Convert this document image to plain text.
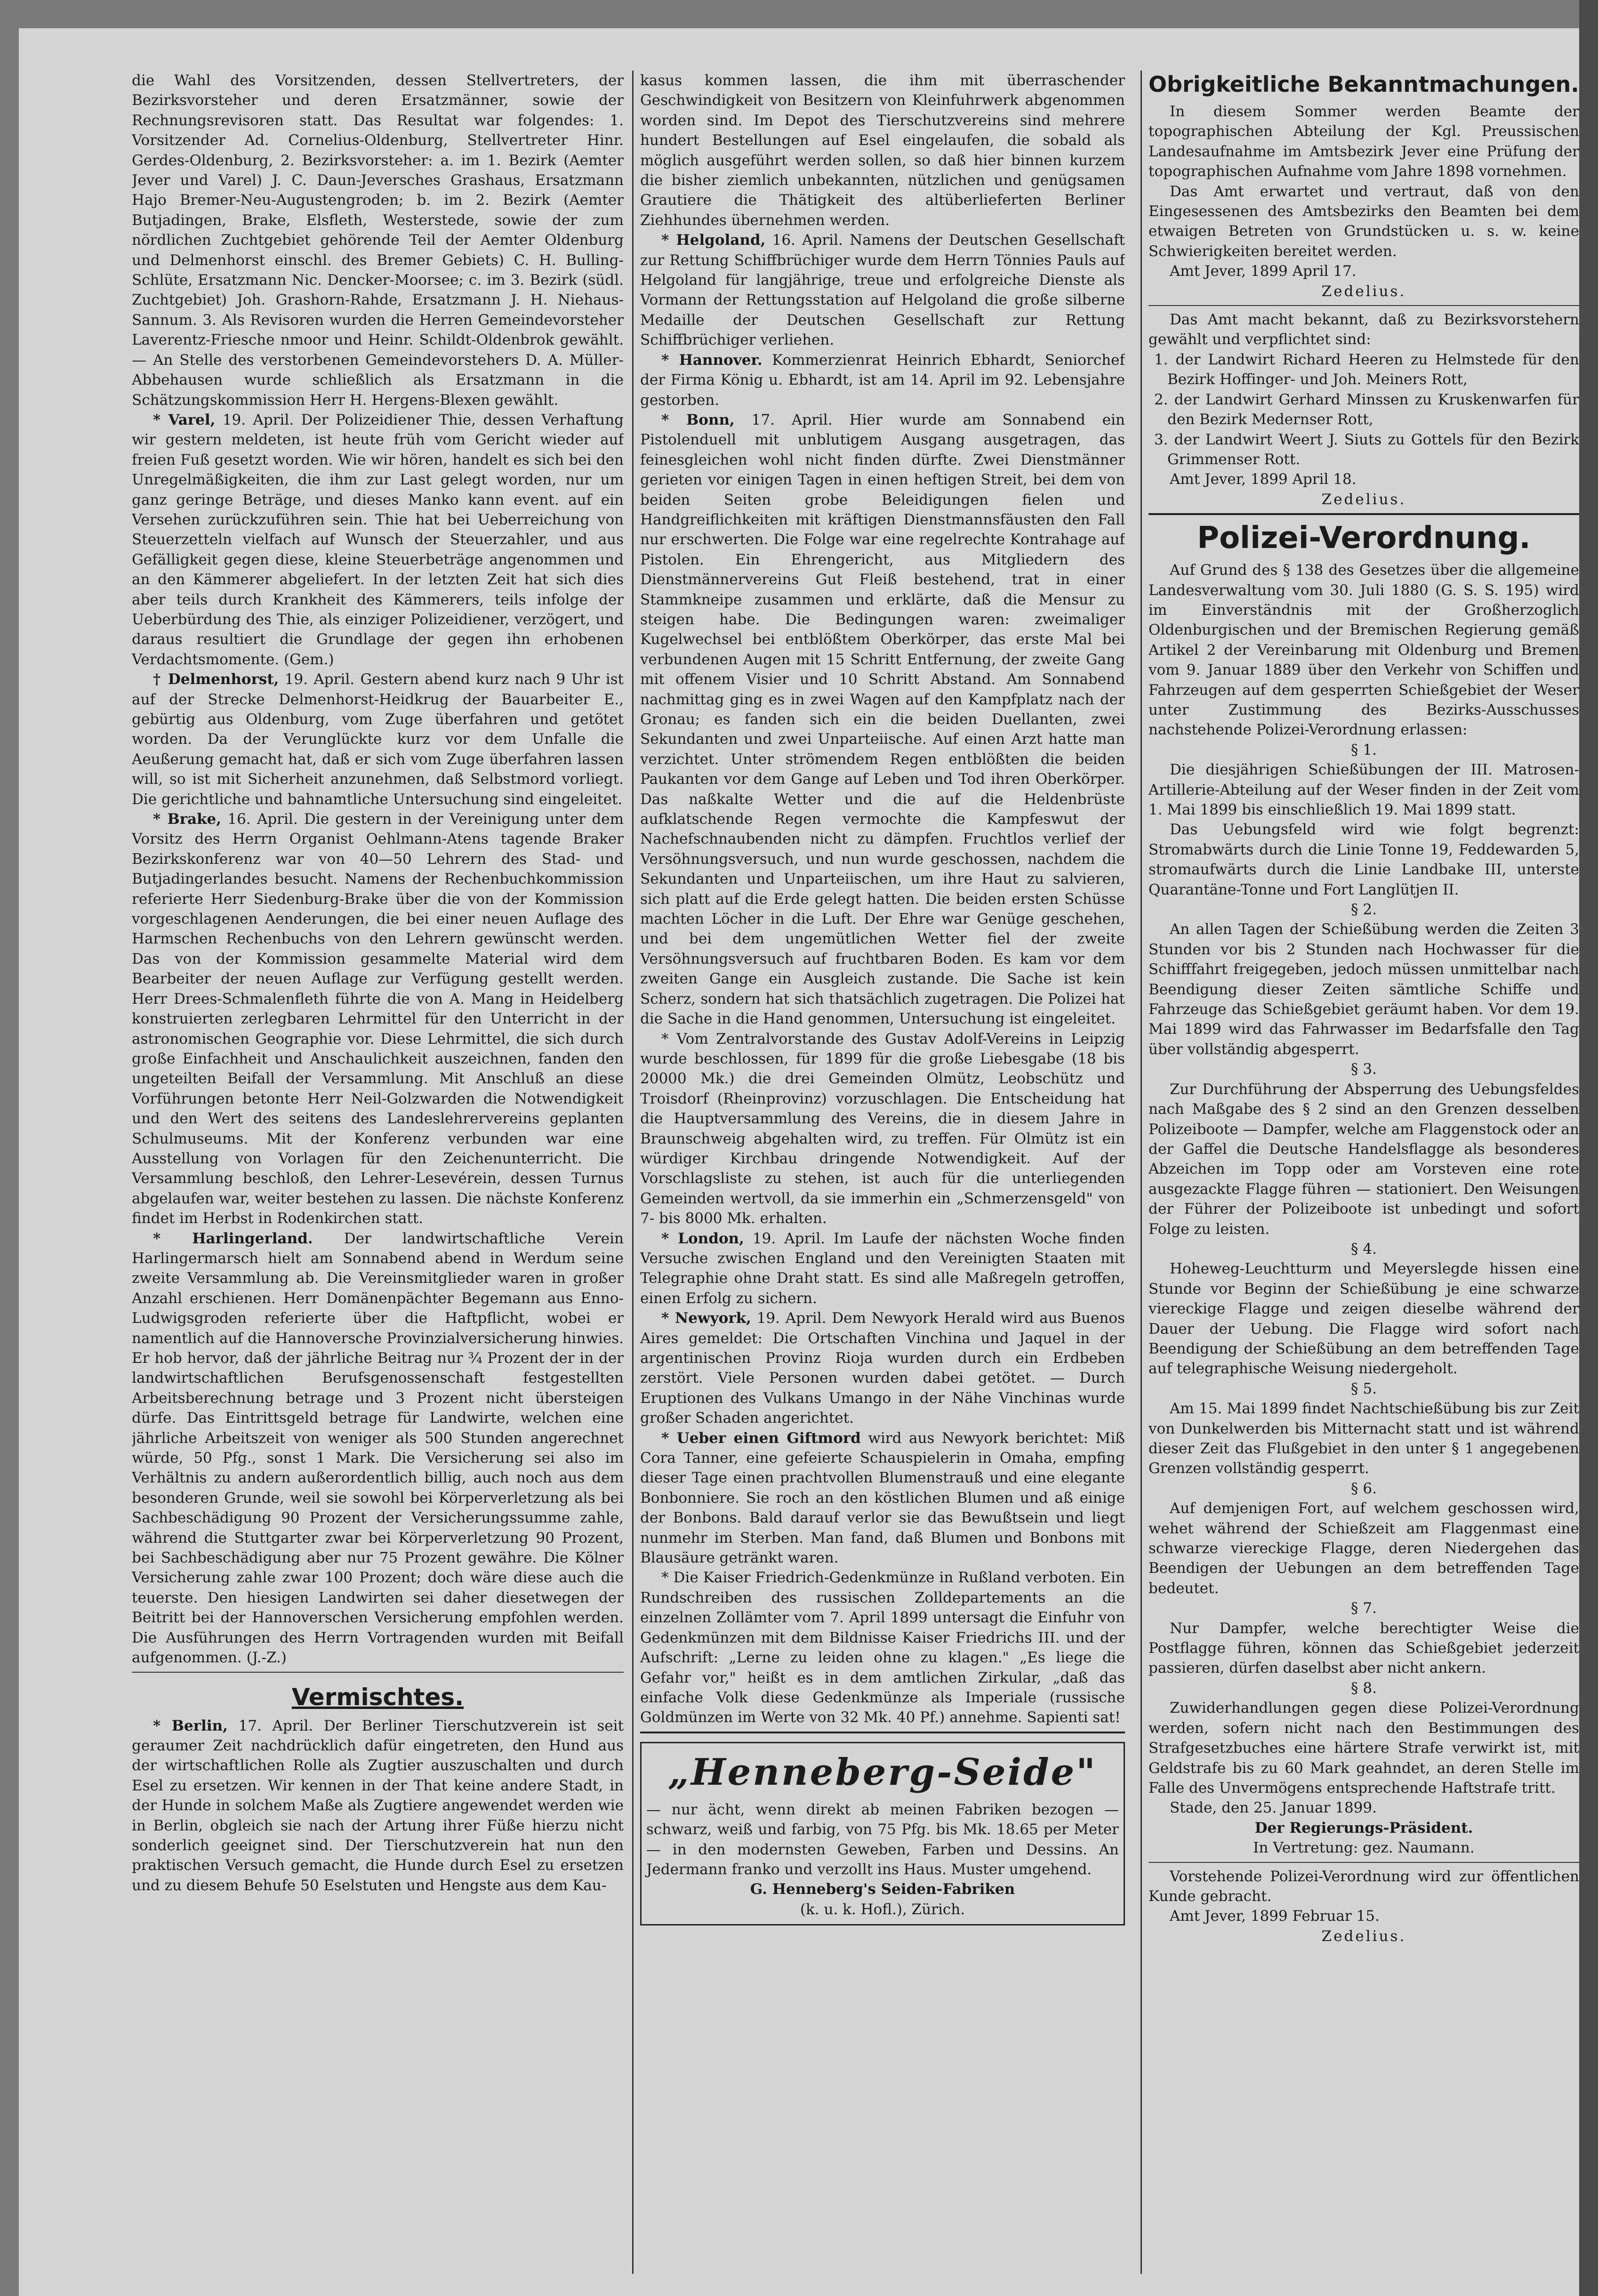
die Wahl des Vorsitzenden, dessen Stellvertreters, der Bezirksvorsteher und deren Ersatzmänner, sowie der Rechnungsrevisoren statt. Das Resultat war folgendes: 1. Vorsitzender Ad. Cornelius-Oldenburg, Stellvertreter Hinr. Gerdes-Oldenburg, 2. Bezirksvorsteher: a. im 1. Bezirk (Aemter Jever und Varel) J. C. Daun-Jeversches Grashaus, Ersatzmann Hajo Bremer-Neu-Augustengroden; b. im 2. Bezirk (Aemter Butjadingen, Brake, Elsfleth, Westerstede, sowie der zum nördlichen Zuchtgebiet gehörende Teil der Aemter Oldenburg und Delmenhorst einschl. des Bremer Gebiets) C. H. Bulling-Schlüte, Ersatzmann Nic. Dencker-Moorsee; c. im 3. Bezirk (südl. Zuchtgebiet) Joh. Grashorn-Rahde, Ersatzmann J. H. Niehaus-Sannum. 3. Als Revisoren wurden die Herren Gemeindevorsteher Laverentz-Friesche nmoor und Heinr. Schildt-Oldenbrok gewählt. — An Stelle des verstorbenen Gemeindevorstehers D. A. Müller-Abbehausen wurde schließlich als Ersatzmann in die Schätzungskommission Herr H. Hergens-Blexen gewählt.

* Varel, 19. April. Der Polizeidiener Thie, dessen Verhaftung wir gestern meldeten, ist heute früh vom Gericht wieder auf freien Fuß gesetzt worden. Wie wir hören, handelt es sich bei den Unregelmäßigkeiten, die ihm zur Last gelegt worden, nur um ganz geringe Beträge, und dieses Manko kann event. auf ein Versehen zurückzuführen sein. Thie hat bei Ueberreichung von Steuerzetteln vielfach auf Wunsch der Steuerzahler, und aus Gefälligkeit gegen diese, kleine Steuerbeträge angenommen und an den Kämmerer abgeliefert. In der letzten Zeit hat sich dies aber teils durch Krankheit des Kämmerers, teils infolge der Ueberbürdung des Thie, als einziger Polizeidiener, verzögert, und daraus resultiert die Grundlage der gegen ihn erhobenen Verdachtsmomente. (Gem.)

† Delmenhorst, 19. April. Gestern abend kurz nach 9 Uhr ist auf der Strecke Delmenhorst-Heidkrug der Bauarbeiter E., gebürtig aus Oldenburg, vom Zuge überfahren und getötet worden. Da der Verunglückte kurz vor dem Unfalle die Aeußerung gemacht hat, daß er sich vom Zuge überfahren lassen will, so ist mit Sicherheit anzunehmen, daß Selbstmord vorliegt. Die gerichtliche und bahnamtliche Untersuchung sind eingeleitet.

* Brake, 16. April. Die gestern in der Vereinigung unter dem Vorsitz des Herrn Organist Oehlmann-Atens tagende Braker Bezirkskonferenz war von 40—50 Lehrern des Stad- und Butjadingerlandes besucht. Namens der Rechenbuchkommission referierte Herr Siedenburg-Brake über die von der Kommission vorgeschlagenen Aenderungen, die bei einer neuen Auflage des Harmschen Rechenbuchs von den Lehrern gewünscht werden. Das von der Kommission gesammelte Material wird dem Bearbeiter der neuen Auflage zur Verfügung gestellt werden. Herr Drees-Schmalenfleth führte die von A. Mang in Heidelberg konstruierten zerlegbaren Lehrmittel für den Unterricht in der astronomischen Geographie vor. Diese Lehrmittel, die sich durch große Einfachheit und Anschaulichkeit auszeichnen, fanden den ungeteilten Beifall der Versammlung. Mit Anschluß an diese Vorführungen betonte Herr Neil-Golzwarden die Notwendigkeit und den Wert des seitens des Landeslehrervereins geplanten Schulmuseums. Mit der Konferenz verbunden war eine Ausstellung von Vorlagen für den Zeichenunterricht. Die Versammlung beschloß, den Lehrer-Lesevérein, dessen Turnus abgelaufen war, weiter bestehen zu lassen. Die nächste Konferenz findet im Herbst in Rodenkirchen statt.

* Harlingerland. Der landwirtschaftliche Verein Harlingermarsch hielt am Sonnabend abend in Werdum seine zweite Versammlung ab. Die Vereinsmitglieder waren in großer Anzahl erschienen. Herr Domänenpächter Begemann aus Enno-Ludwigsgroden referierte über die Haftpflicht, wobei er namentlich auf die Hannoversche Provinzialversicherung hinwies. Er hob hervor, daß der jährliche Beitrag nur ¾ Prozent der in der landwirtschaftlichen Berufsgenossenschaft festgestellten Arbeitsberechnung betrage und 3 Prozent nicht übersteigen dürfe. Das Eintrittsgeld betrage für Landwirte, welchen eine jährliche Arbeitszeit von weniger als 500 Stunden angerechnet würde, 50 Pfg., sonst 1 Mark. Die Versicherung sei also im Verhältnis zu andern außerordentlich billig, auch noch aus dem besonderen Grunde, weil sie sowohl bei Körperverletzung als bei Sachbeschädigung 90 Prozent der Versicherungssumme zahle, während die Stuttgarter zwar bei Körperverletzung 90 Prozent, bei Sachbeschädigung aber nur 75 Prozent gewähre. Die Kölner Versicherung zahle zwar 100 Prozent; doch wäre diese auch die teuerste. Den hiesigen Landwirten sei daher diesetwegen der Beitritt bei der Hannoverschen Versicherung empfohlen werden. Die Ausführungen des Herrn Vortragenden wurden mit Beifall aufgenommen. (J.-Z.)

Vermischtes.

* Berlin, 17. April. Der Berliner Tierschutzverein ist seit geraumer Zeit nachdrücklich dafür eingetreten, den Hund aus der wirtschaftlichen Rolle als Zugtier auszuschalten und durch Esel zu ersetzen. Wir kennen in der That keine andere Stadt, in der Hunde in solchem Maße als Zugtiere angewendet werden wie in Berlin, obgleich sie nach der Artung ihrer Füße hierzu nicht sonderlich geeignet sind. Der Tierschutzverein hat nun den praktischen Versuch gemacht, die Hunde durch Esel zu ersetzen und zu diesem Behufe 50 Eselstuten und Hengste aus dem Kau-

kasus kommen lassen, die ihm mit überraschender Geschwindigkeit von Besitzern von Kleinfuhrwerk abgenommen worden sind. Im Depot des Tierschutzvereins sind mehrere hundert Bestellungen auf Esel eingelaufen, die sobald als möglich ausgeführt werden sollen, so daß hier binnen kurzem die bisher ziemlich unbekannten, nützlichen und genügsamen Grautiere die Thätigkeit des altüberlieferten Berliner Ziehhundes übernehmen werden.

* Helgoland, 16. April. Namens der Deutschen Gesellschaft zur Rettung Schiffbrüchiger wurde dem Herrn Tönnies Pauls auf Helgoland für langjährige, treue und erfolgreiche Dienste als Vormann der Rettungsstation auf Helgoland die große silberne Medaille der Deutschen Gesellschaft zur Rettung Schiffbrüchiger verliehen.

* Hannover. Kommerzienrat Heinrich Ebhardt, Seniorchef der Firma König u. Ebhardt, ist am 14. April im 92. Lebensjahre gestorben.

* Bonn, 17. April. Hier wurde am Sonnabend ein Pistolenduell mit unblutigem Ausgang ausgetragen, das feinesgleichen wohl nicht finden dürfte. Zwei Dienstmänner gerieten vor einigen Tagen in einen heftigen Streit, bei dem von beiden Seiten grobe Beleidigungen fielen und Handgreiflichkeiten mit kräftigen Dienstmannsfäusten den Fall nur erschwerten. Die Folge war eine regelrechte Kontrahage auf Pistolen. Ein Ehrengericht, aus Mitgliedern des Dienstmännervereins Gut Fleiß bestehend, trat in einer Stammkneipe zusammen und erklärte, daß die Mensur zu steigen habe. Die Bedingungen waren: zweimaliger Kugelwechsel bei entblößtem Oberkörper, das erste Mal bei verbundenen Augen mit 15 Schritt Entfernung, der zweite Gang mit offenem Visier und 10 Schritt Abstand. Am Sonnabend nachmittag ging es in zwei Wagen auf den Kampfplatz nach der Gronau; es fanden sich ein die beiden Duellanten, zwei Sekundanten und zwei Unparteiische. Auf einen Arzt hatte man verzichtet. Unter strömendem Regen entblößten die beiden Paukanten vor dem Gange auf Leben und Tod ihren Oberkörper. Das naßkalte Wetter und die auf die Heldenbrüste aufklatschende Regen vermochte die Kampfeswut der Nachefschnaubenden nicht zu dämpfen. Fruchtlos verlief der Versöhnungsversuch, und nun wurde geschossen, nachdem die Sekundanten und Unparteiischen, um ihre Haut zu salvieren, sich platt auf die Erde gelegt hatten. Die beiden ersten Schüsse machten Löcher in die Luft. Der Ehre war Genüge geschehen, und bei dem ungemütlichen Wetter fiel der zweite Versöhnungsversuch auf fruchtbaren Boden. Es kam vor dem zweiten Gange ein Ausgleich zustande. Die Sache ist kein Scherz, sondern hat sich thatsächlich zugetragen. Die Polizei hat die Sache in die Hand genommen, Untersuchung ist eingeleitet.

* Vom Zentralvorstande des Gustav Adolf-Vereins in Leipzig wurde beschlossen, für 1899 für die große Liebesgabe (18 bis 20000 Mk.) die drei Gemeinden Olmütz, Leobschütz und Troisdorf (Rheinprovinz) vorzuschlagen. Die Entscheidung hat die Hauptversammlung des Vereins, die in diesem Jahre in Braunschweig abgehalten wird, zu treffen. Für Olmütz ist ein würdiger Kirchbau dringende Notwendigkeit. Auf der Vorschlagsliste zu stehen, ist auch für die unterliegenden Gemeinden wertvoll, da sie immerhin ein „Schmerzensgeld" von 7- bis 8000 Mk. erhalten.

* London, 19. April. Im Laufe der nächsten Woche finden Versuche zwischen England und den Vereinigten Staaten mit Telegraphie ohne Draht statt. Es sind alle Maßregeln getroffen, einen Erfolg zu sichern.

* Newyork, 19. April. Dem Newyork Herald wird aus Buenos Aires gemeldet: Die Ortschaften Vinchina und Jaquel in der argentinischen Provinz Rioja wurden durch ein Erdbeben zerstört. Viele Personen wurden dabei getötet. — Durch Eruptionen des Vulkans Umango in der Nähe Vinchinas wurde großer Schaden angerichtet.

* Ueber einen Giftmord wird aus Newyork berichtet: Miß Cora Tanner, eine gefeierte Schauspielerin in Omaha, empfing dieser Tage einen prachtvollen Blumenstrauß und eine elegante Bonbonniere. Sie roch an den köstlichen Blumen und aß einige der Bonbons. Bald darauf verlor sie das Bewußtsein und liegt nunmehr im Sterben. Man fand, daß Blumen und Bonbons mit Blausäure getränkt waren.

* Die Kaiser Friedrich-Gedenkmünze in Rußland verboten. Ein Rundschreiben des russischen Zolldepartements an die einzelnen Zollämter vom 7. April 1899 untersagt die Einfuhr von Gedenkmünzen mit dem Bildnisse Kaiser Friedrichs III. und der Aufschrift: „Lerne zu leiden ohne zu klagen." „Es liege die Gefahr vor," heißt es in dem amtlichen Zirkular, „daß das einfache Volk diese Gedenkmünze als Imperiale (russische Goldmünzen im Werte von 32 Mk. 40 Pf.) annehme. Sapienti sat!

„Henneberg-Seide"

— nur ächt, wenn direkt ab meinen Fabriken bezogen — schwarz, weiß und farbig, von 75 Pfg. bis Mk. 18.65 per Meter — in den modernsten Geweben, Farben und Dessins. An Jedermann franko und verzollt ins Haus. Muster umgehend.

G. Henneberg's Seiden-Fabriken

(k. u. k. Hofl.), Zürich.

Obrigkeitliche Bekanntmachungen.

In diesem Sommer werden Beamte der topographischen Abteilung der Kgl. Preussischen Landesaufnahme im Amtsbezirk Jever eine Prüfung der topographischen Aufnahme vom Jahre 1898 vornehmen.

Das Amt erwartet und vertraut, daß von den Eingesessenen des Amtsbezirks den Beamten bei dem etwaigen Betreten von Grundstücken u. s. w. keine Schwierigkeiten bereitet werden.

Amt Jever, 1899 April 17.

Zedelius.

Das Amt macht bekannt, daß zu Bezirksvorstehern gewählt und verpflichtet sind:

1. der Landwirt Richard Heeren zu Helmstede für den Bezirk Hoffinger- und Joh. Meiners Rott,

2. der Landwirt Gerhard Minssen zu Kruskenwarfen für den Bezirk Medernser Rott,

3. der Landwirt Weert J. Siuts zu Gottels für den Bezirk Grimmenser Rott.

Amt Jever, 1899 April 18.

Zedelius.

Polizei-Verordnung.

Auf Grund des § 138 des Gesetzes über die allgemeine Landesverwaltung vom 30. Juli 1880 (G. S. S. 195) wird im Einverständnis mit der Großherzoglich Oldenburgischen und der Bremischen Regierung gemäß Artikel 2 der Vereinbarung mit Oldenburg und Bremen vom 9. Januar 1889 über den Verkehr von Schiffen und Fahrzeugen auf dem gesperrten Schießgebiet der Weser unter Zustimmung des Bezirks-Ausschusses nachstehende Polizei-Verordnung erlassen:

§ 1.

Die diesjährigen Schießübungen der III. Matrosen-Artillerie-Abteilung auf der Weser finden in der Zeit vom 1. Mai 1899 bis einschließlich 19. Mai 1899 statt.

Das Uebungsfeld wird wie folgt begrenzt: Stromabwärts durch die Linie Tonne 19, Feddewarden 5, stromaufwärts durch die Linie Landbake III, unterste Quarantäne-Tonne und Fort Langlütjen II.

§ 2.

An allen Tagen der Schießübung werden die Zeiten 3 Stunden vor bis 2 Stunden nach Hochwasser für die Schifffahrt freigegeben, jedoch müssen unmittelbar nach Beendigung dieser Zeiten sämtliche Schiffe und Fahrzeuge das Schießgebiet geräumt haben. Vor dem 19. Mai 1899 wird das Fahrwasser im Bedarfsfalle den Tag über vollständig abgesperrt.

§ 3.

Zur Durchführung der Absperrung des Uebungsfeldes nach Maßgabe des § 2 sind an den Grenzen desselben Polizeiboote — Dampfer, welche am Flaggenstock oder an der Gaffel die Deutsche Handelsflagge als besonderes Abzeichen im Topp oder am Vorsteven eine rote ausgezackte Flagge führen — stationiert. Den Weisungen der Führer der Polizeiboote ist unbedingt und sofort Folge zu leisten.

§ 4.

Hoheweg-Leuchtturm und Meyerslegde hissen eine Stunde vor Beginn der Schießübung je eine schwarze viereckige Flagge und zeigen dieselbe während der Dauer der Uebung. Die Flagge wird sofort nach Beendigung der Schießübung an dem betreffenden Tage auf telegraphische Weisung niedergeholt.

§ 5.

Am 15. Mai 1899 findet Nachtschießübung bis zur Zeit von Dunkelwerden bis Mitternacht statt und ist während dieser Zeit das Flußgebiet in den unter § 1 angegebenen Grenzen vollständig gesperrt.

§ 6.

Auf demjenigen Fort, auf welchem geschossen wird, wehet während der Schießzeit am Flaggenmast eine schwarze viereckige Flagge, deren Niedergehen das Beendigen der Uebungen an dem betreffenden Tage bedeutet.

§ 7.

Nur Dampfer, welche berechtigter Weise die Postflagge führen, können das Schießgebiet jederzeit passieren, dürfen daselbst aber nicht ankern.

§ 8.

Zuwiderhandlungen gegen diese Polizei-Verordnung werden, sofern nicht nach den Bestimmungen des Strafgesetzbuches eine härtere Strafe verwirkt ist, mit Geldstrafe bis zu 60 Mark geahndet, an deren Stelle im Falle des Unvermögens entsprechende Haftstrafe tritt.

Stade, den 25. Januar 1899.

Der Regierungs-Präsident.

In Vertretung: gez. Naumann.

Vorstehende Polizei-Verordnung wird zur öffentlichen Kunde gebracht.

Amt Jever, 1899 Februar 15.

Zedelius.
